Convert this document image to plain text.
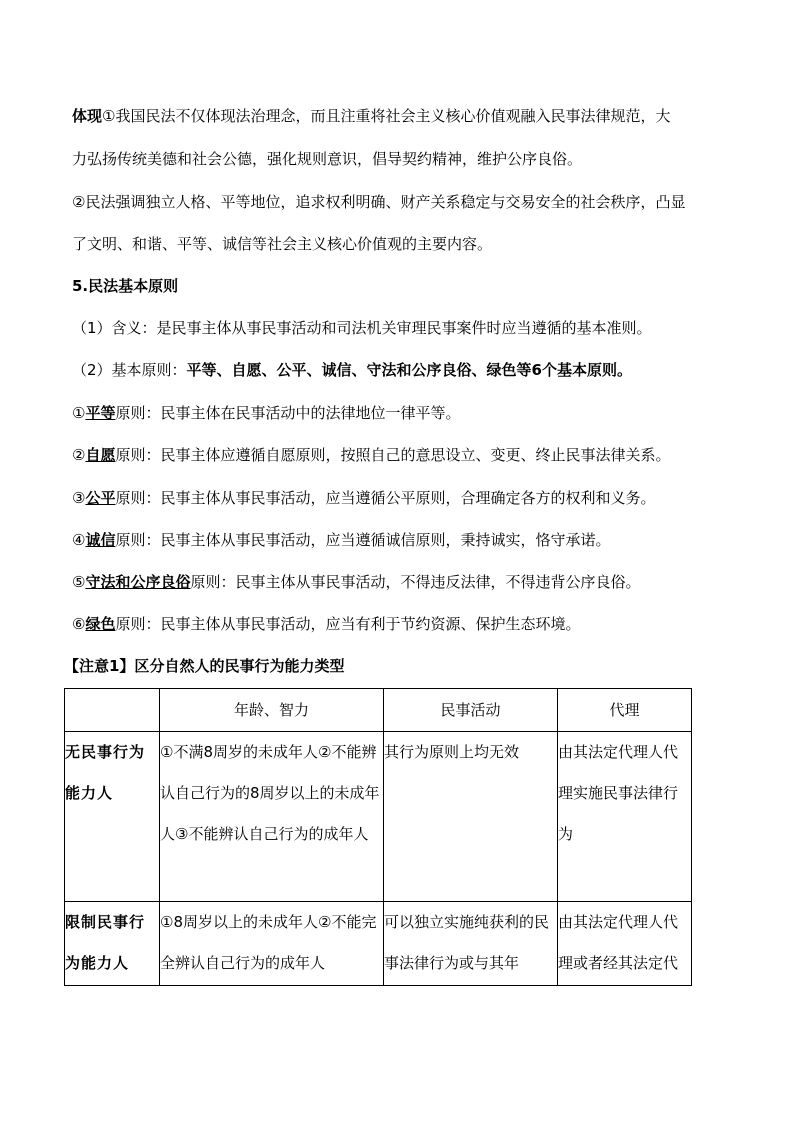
体现①我国民法不仅体现法治理念，而且注重将社会主义核心价值观融入民事法律规范，大
力弘扬传统美德和社会公德，强化规则意识，倡导契约精神，维护公序良俗。
②民法强调独立人格、平等地位，追求权利明确、财产关系稳定与交易安全的社会秩序，凸显
了文明、和谐、平等、诚信等社会主义核心价值观的主要内容。
5.民法基本原则
（1）含义：是民事主体从事民事活动和司法机关审理民事案件时应当遵循的基本准则。
（2）基本原则：平等、自愿、公平、诚信、守法和公序良俗、绿色等6个基本原则。
①平等原则：民事主体在民事活动中的法律地位一律平等。
②自愿原则：民事主体应遵循自愿原则，按照自己的意思设立、变更、终止民事法律关系。
③公平原则：民事主体从事民事活动，应当遵循公平原则，合理确定各方的权利和义务。
④诚信原则：民事主体从事民事活动，应当遵循诚信原则，秉持诚实，恪守承诺。
⑤守法和公序良俗原则：民事主体从事民事活动，不得违反法律，不得违背公序良俗。
⑥绿色原则：民事主体从事民事活动，应当有利于节约资源、保护生态环境。
【注意1】区分自然人的民事行为能力类型
	年龄、智力	民事活动	代理
无民事行为能力人	①不满8周岁的未成年人②不能辨认自己行为的8周岁以上的未成年人③不能辨认自己行为的成年人	其行为原则上均无效	由其法定代理人代理实施民事法律行为
限制民事行为能力人	①8周岁以上的未成年人②不能完全辨认自己行为的成年人	可以独立实施纯获利的民事法律行为或与其年	由其法定代理人代理或者经其法定代
